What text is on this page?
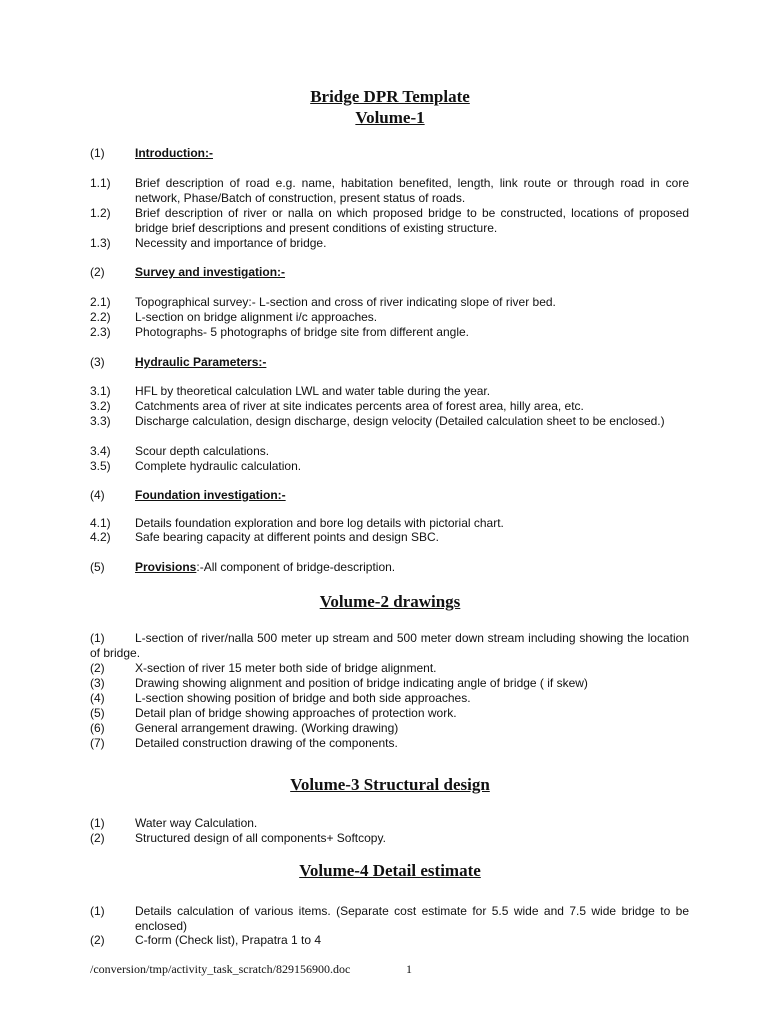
Bridge DPR Template
Volume-1
(1)	Introduction:-
1.1) Brief description of road e.g. name, habitation benefited, length, link route or through road in core network, Phase/Batch of construction, present status of roads.
1.2) Brief description of river or nalla on which proposed bridge to be constructed, locations of proposed bridge brief descriptions and present conditions of existing structure.
1.3) Necessity and importance of bridge.
(2)	Survey and investigation:-
2.1) Topographical survey:- L-section and cross of river indicating slope of river bed.
2.2) L-section on bridge alignment i/c approaches.
2.3) Photographs- 5 photographs of bridge site from different angle.
(3)	Hydraulic Parameters:-
3.1) HFL by theoretical calculation LWL and water table during the year.
3.2) Catchments area of river at site indicates percents area of forest area, hilly area, etc.
3.3) Discharge calculation, design discharge, design velocity (Detailed calculation sheet to be enclosed.)
3.4) Scour depth calculations.
3.5) Complete hydraulic calculation.
(4)	Foundation investigation:-
4.1) Details foundation exploration and bore log details with pictorial chart.
4.2) Safe bearing capacity at different points and design SBC.
(5)	Provisions:-All component of bridge-description.
Volume-2 drawings
(1)	L-section of river/nalla 500 meter up stream and 500 meter down stream including showing the location of bridge.
(2)	X-section of river 15 meter both side of bridge alignment.
(3)	Drawing showing alignment and position of bridge indicating angle of bridge ( if skew)
(4)	L-section showing position of bridge and both side approaches.
(5)	Detail plan of bridge showing approaches of protection work.
(6)	General arrangement drawing. (Working drawing)
(7)	Detailed construction drawing of the components.
Volume-3 Structural design
(1)	Water way Calculation.
(2)	Structured design of all components+ Softcopy.
Volume-4 Detail estimate
(1)	Details calculation of various items. (Separate cost estimate for 5.5 wide and 7.5 wide bridge to be enclosed)
(2)	C-form (Check list), Prapatra 1 to 4
/conversion/tmp/activity_task_scratch/829156900.doc	1
